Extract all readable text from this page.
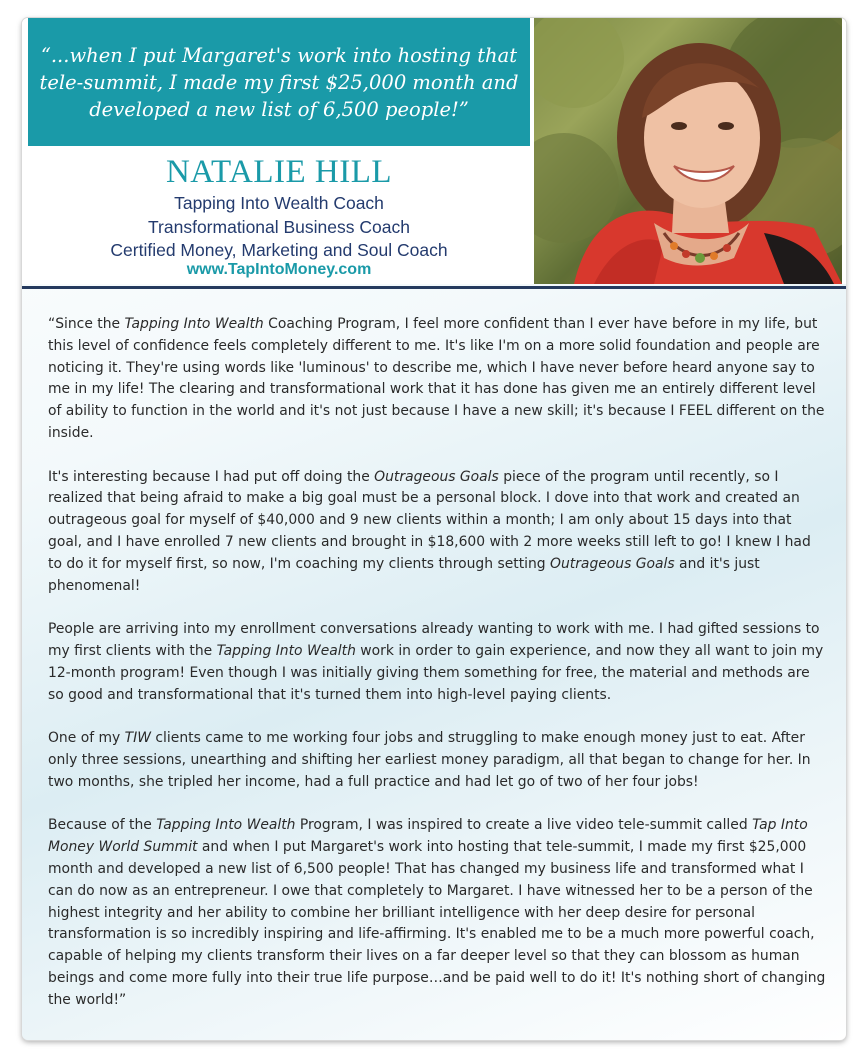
“...when I put Margaret's work into hosting that tele-summit, I made my first $25,000 month and developed a new list of 6,500 people!”

NATALIE HILL
Tapping Into Wealth Coach
Transformational Business Coach
Certified Money, Marketing and Soul Coach
www.TapIntoMoney.com

“Since the Tapping Into Wealth Coaching Program, I feel more confident than I ever have before in my life, but this level of confidence feels completely different to me. It's like I'm on a more solid foundation and people are noticing it. They're using words like 'luminous' to describe me, which I have never before heard anyone say to me in my life! The clearing and transformational work that it has done has given me an entirely different level of ability to function in the world and it's not just because I have a new skill; it's because I FEEL different on the inside.

It's interesting because I had put off doing the Outrageous Goals piece of the program until recently, so I realized that being afraid to make a big goal must be a personal block. I dove into that work and created an outrageous goal for myself of $40,000 and 9 new clients within a month; I am only about 15 days into that goal, and I have enrolled 7 new clients and brought in $18,600 with 2 more weeks still left to go! I knew I had to do it for myself first, so now, I'm coaching my clients through setting Outrageous Goals and it's just phenomenal!

People are arriving into my enrollment conversations already wanting to work with me. I had gifted sessions to my first clients with the Tapping Into Wealth work in order to gain experience, and now they all want to join my 12-month program! Even though I was initially giving them something for free, the material and methods are so good and transformational that it's turned them into high-level paying clients.

One of my TIW clients came to me working four jobs and struggling to make enough money just to eat. After only three sessions, unearthing and shifting her earliest money paradigm, all that began to change for her. In two months, she tripled her income, had a full practice and had let go of two of her four jobs!

Because of the Tapping Into Wealth Program, I was inspired to create a live video tele-summit called Tap Into Money World Summit and when I put Margaret's work into hosting that tele-summit, I made my first $25,000 month and developed a new list of 6,500 people! That has changed my business life and transformed what I can do now as an entrepreneur. I owe that completely to Margaret. I have witnessed her to be a person of the highest integrity and her ability to combine her brilliant intelligence with her deep desire for personal transformation is so incredibly inspiring and life-affirming. It's enabled me to be a much more powerful coach, capable of helping my clients transform their lives on a far deeper level so that they can blossom as human beings and come more fully into their true life purpose…and be paid well to do it! It's nothing short of changing the world!”
